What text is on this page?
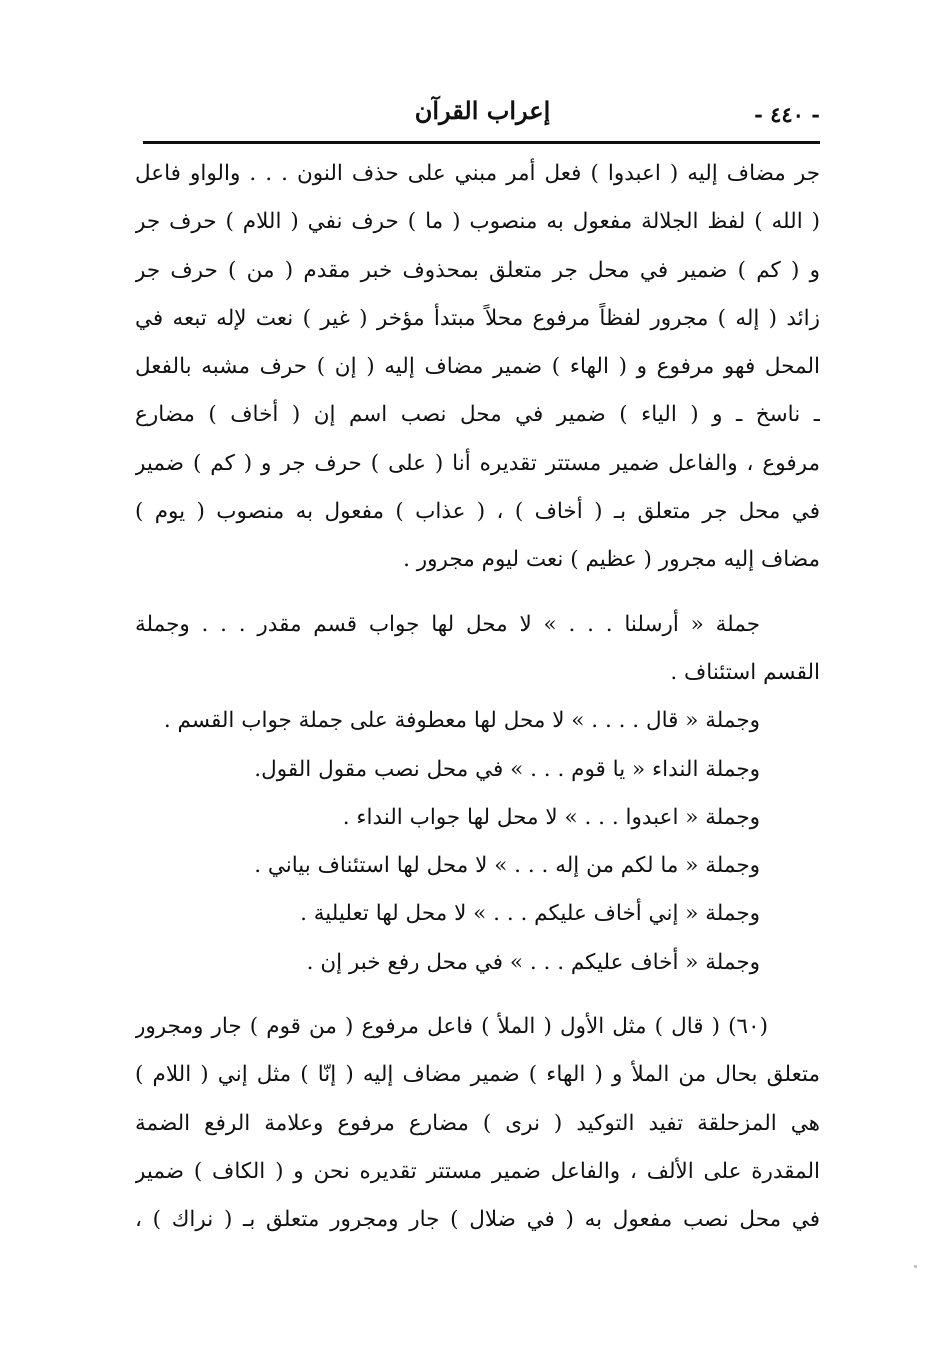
- ٤٤٠ -
إعراب القرآن
جر مضاف إليه ( اعبدوا ) فعل أمر مبني على حذف النون . . . والواو فاعل
( الله ) لفظ الجلالة مفعول به منصوب ( ما ) حرف نفي ( اللام ) حرف جر
و ( كم ) ضمير في محل جر متعلق بمحذوف خبر مقدم ( من ) حرف جر
زائد ( إله ) مجرور لفظاً مرفوع محلاً مبتدأ مؤخر ( غير ) نعت لإله تبعه في
المحل فهو مرفوع و ( الهاء ) ضمير مضاف إليه ( إن ) حرف مشبه بالفعل
ـ ناسخ ـ و ( الياء ) ضمير في محل نصب اسم إن ( أخاف ) مضارع
مرفوع ، والفاعل ضمير مستتر تقديره أنا ( على ) حرف جر و ( كم ) ضمير
في محل جر متعلق بـ ( أخاف ) ، ( عذاب ) مفعول به منصوب ( يوم )
مضاف إليه مجرور ( عظيم ) نعت ليوم مجرور .
جملة « أرسلنا . . . » لا محل لها جواب قسم مقدر . . . وجملة
القسم استئناف .
وجملة « قال . . . . » لا محل لها معطوفة على جملة جواب القسم .
وجملة النداء « يا قوم . . . » في محل نصب مقول القول.
وجملة « اعبدوا . . . » لا محل لها جواب النداء .
وجملة « ما لكم من إله . . . » لا محل لها استئناف بياني .
وجملة « إني أخاف عليكم . . . » لا محل لها تعليلية .
وجملة « أخاف عليكم . . . » في محل رفع خبر إن .
(٦٠) ( قال ) مثل الأول ( الملأ ) فاعل مرفوع ( من قوم ) جار ومجرور
متعلق بحال من الملأ و ( الهاء ) ضمير مضاف إليه ( إنّا ) مثل إني ( اللام )
هي المزحلقة تفيد التوكيد ( نرى ) مضارع مرفوع وعلامة الرفع الضمة
المقدرة على الألف ، والفاعل ضمير مستتر تقديره نحن و ( الكاف ) ضمير
في محل نصب مفعول به ( في ضلال ) جار ومجرور متعلق بـ ( نراك ) ،
